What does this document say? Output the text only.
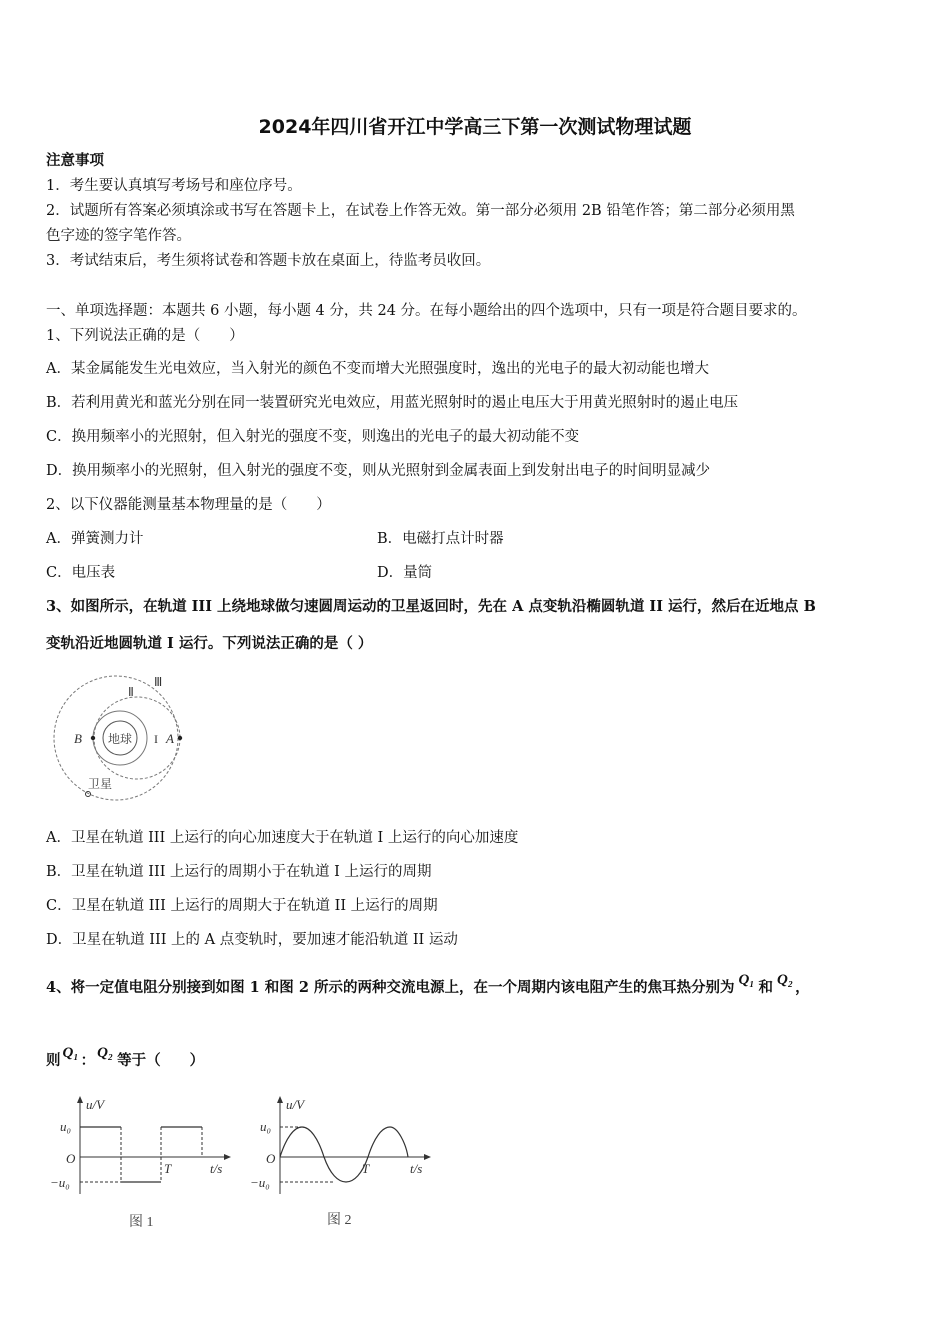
2024年四川省开江中学高三下第一次测试物理试题
注意事项
1．考生要认真填写考场号和座位序号。
2．试题所有答案必须填涂或书写在答题卡上，在试卷上作答无效。第一部分必须用 2B 铅笔作答；第二部分必须用黑
色字迹的签字笔作答。
3．考试结束后，考生须将试卷和答题卡放在桌面上，待监考员收回。
一、单项选择题：本题共 6 小题，每小题 4 分，共 24 分。在每小题给出的四个选项中，只有一项是符合题目要求的。
1、下列说法正确的是（　　）
A．某金属能发生光电效应，当入射光的颜色不变而增大光照强度时，逸出的光电子的最大初动能也增大
B．若利用黄光和蓝光分别在同一装置研究光电效应，用蓝光照射时的遏止电压大于用黄光照射时的遏止电压
C．换用频率小的光照射，但入射光的强度不变，则逸出的光电子的最大初动能不变
D．换用频率小的光照射，但入射光的强度不变，则从光照射到金属表面上到发射出电子的时间明显减少
2、以下仪器能测量基本物理量的是（　　）
A．弹簧测力计	B．电磁打点计时器
C．电压表	D．量筒
3、如图所示，在轨道 III 上绕地球做匀速圆周运动的卫星返回时，先在 A 点变轨沿椭圆轨道 II 运行，然后在近地点 B
变轨沿近地圆轨道 I 运行。下列说法正确的是（ ）
地球	A
B	I
Ⅱ
Ⅲ
卫星
A．卫星在轨道 III 上运行的向心加速度大于在轨道 I 上运行的向心加速度
B．卫星在轨道 III 上运行的周期小于在轨道 I 上运行的周期
C．卫星在轨道 III 上运行的周期大于在轨道 II 上运行的周期
D．卫星在轨道 III 上的 A 点变轨时，要加速才能沿轨道 II 运动
4、将一定值电阻分别接到如图 1 和图 2 所示的两种交流电源上，在一个周期内该电阻产生的焦耳热分别为 Q₁ 和 Q₂ ，
则 Q₁ ： Q₂ 等于（　　）
u/V
u₀
O
−u₀
T	t/s
图 1
u/V
u₀
O
−u₀
T	t/s
图 2
